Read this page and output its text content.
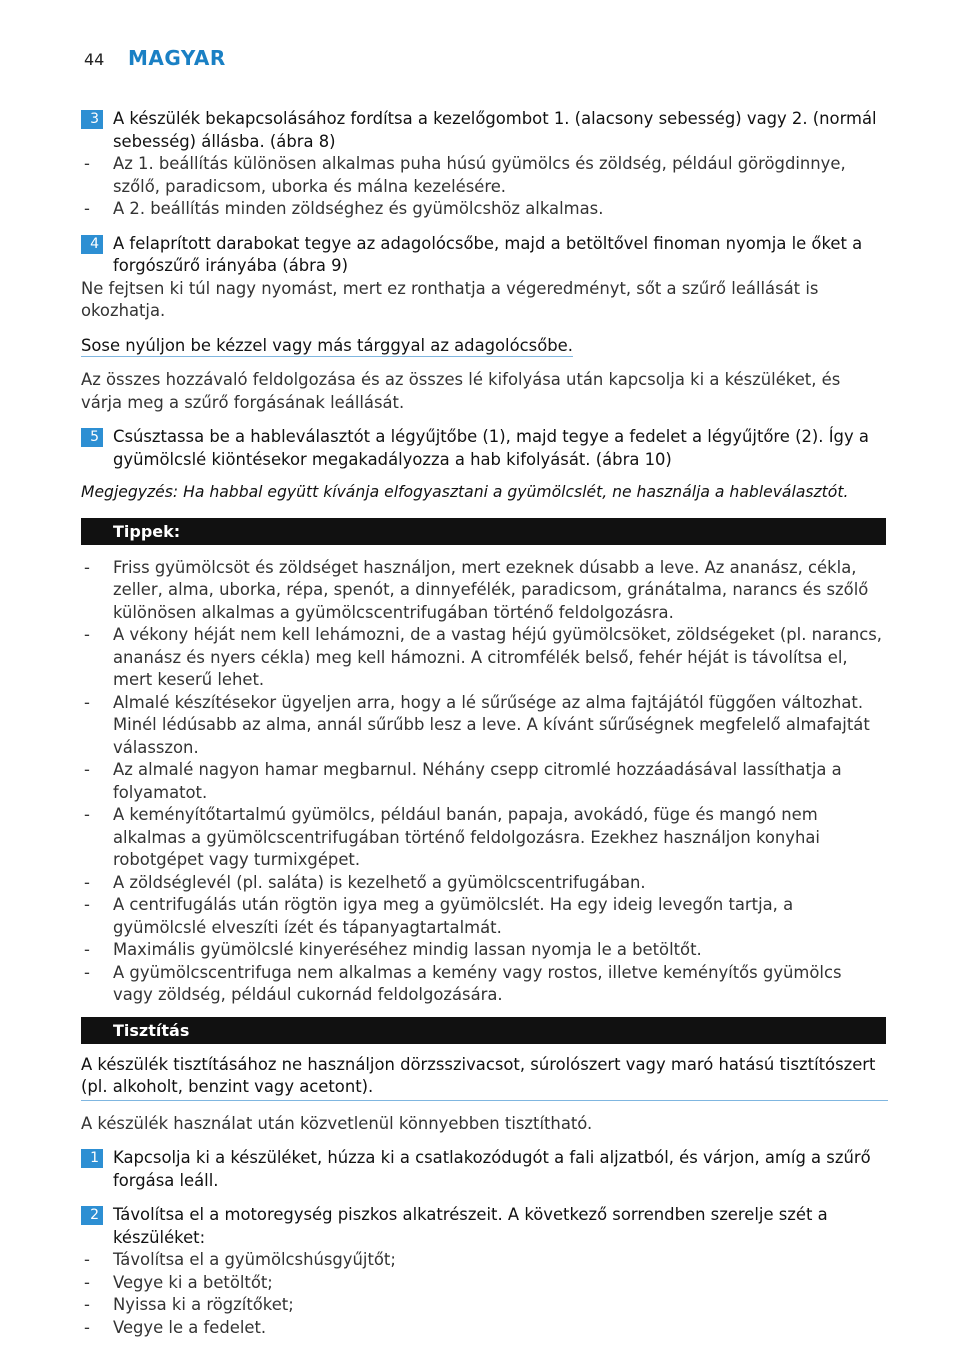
44	MAGYAR
3 A készülék bekapcsolásához fordítsa a kezelőgombot 1. (alacsony sebesség) vagy 2. (normál sebesség) állásba. (ábra 8)
- Az 1. beállítás különösen alkalmas puha húsú gyümölcs és zöldség, például görögdinnye, szőlő, paradicsom, uborka és málna kezelésére.
- A 2. beállítás minden zöldséghez és gyümölcshöz alkalmas.
4 A felaprított darabokat tegye az adagolócsőbe, majd a betöltővel finoman nyomja le őket a forgószűrő irányába (ábra 9)
Ne fejtsen ki túl nagy nyomást, mert ez ronthatja a végeredményt, sőt a szűrő leállását is okozhatja.
Sose nyúljon be kézzel vagy más tárggyal az adagolócsőbe.
Az összes hozzávaló feldolgozása és az összes lé kifolyása után kapcsolja ki a készüléket, és várja meg a szűrő forgásának leállását.
5 Csúsztassa be a hableválasztót a légyűjtőbe (1), majd tegye a fedelet a légyűjtőre (2). Így a gyümölcslé kiöntésekor megakadályozza a hab kifolyását. (ábra 10)
Megjegyzés: Ha habbal együtt kívánja elfogyasztani a gyümölcslét, ne használja a hableválasztót.
Tippek:
- Friss gyümölcsöt és zöldséget használjon, mert ezeknek dúsabb a leve. Az ananász, cékla, zeller, alma, uborka, répa, spenót, a dinnyefélék, paradicsom, gránátalma, narancs és szőlő különösen alkalmas a gyümölcscentrifugában történő feldolgozásra.
- A vékony héját nem kell lehámozni, de a vastag héjú gyümölcsöket, zöldségeket (pl. narancs, ananász és nyers cékla) meg kell hámozni. A citromfélék belső, fehér héját is távolítsa el, mert keserű lehet.
- Almalé készítésekor ügyeljen arra, hogy a lé sűrűsége az alma fajtájától függően változhat. Minél lédúsabb az alma, annál sűrűbb lesz a leve. A kívánt sűrűségnek megfelelő almafajtát válasszon.
- Az almalé nagyon hamar megbarnul. Néhány csepp citromlé hozzáadásával lassíthatja a folyamatot.
- A keményítőtartalmú gyümölcs, például banán, papaja, avokádó, füge és mangó nem alkalmas a gyümölcscentrifugában történő feldolgozásra. Ezekhez használjon konyhai robotgépet vagy turmixgépet.
- A zöldséglevél (pl. saláta) is kezelhető a gyümölcscentrifugában.
- A centrifugálás után rögtön igya meg a gyümölcslét. Ha egy ideig levegőn tartja, a gyümölcslé elveszíti ízét és tápanyagtartalmát.
- Maximális gyümölcslé kinyeréséhez mindig lassan nyomja le a betöltőt.
- A gyümölcscentrifuga nem alkalmas a kemény vagy rostos, illetve keményítős gyümölcs vagy zöldség, például cukornád feldolgozására.
Tisztítás
A készülék tisztításához ne használjon dörzsszivacsot, súrolószert vagy maró hatású tisztítószert (pl. alkoholt, benzint vagy acetont).
A készülék használat után közvetlenül könnyebben tisztítható.
1 Kapcsolja ki a készüléket, húzza ki a csatlakozódugót a fali aljzatból, és várjon, amíg a szűrő forgása leáll.
2 Távolítsa el a motoregység piszkos alkatrészeit. A következő sorrendben szerelje szét a készüléket:
- Távolítsa el a gyümölcshúsgyűjtőt;
- Vegye ki a betöltőt;
- Nyissa ki a rögzítőket;
- Vegye le a fedelet.
